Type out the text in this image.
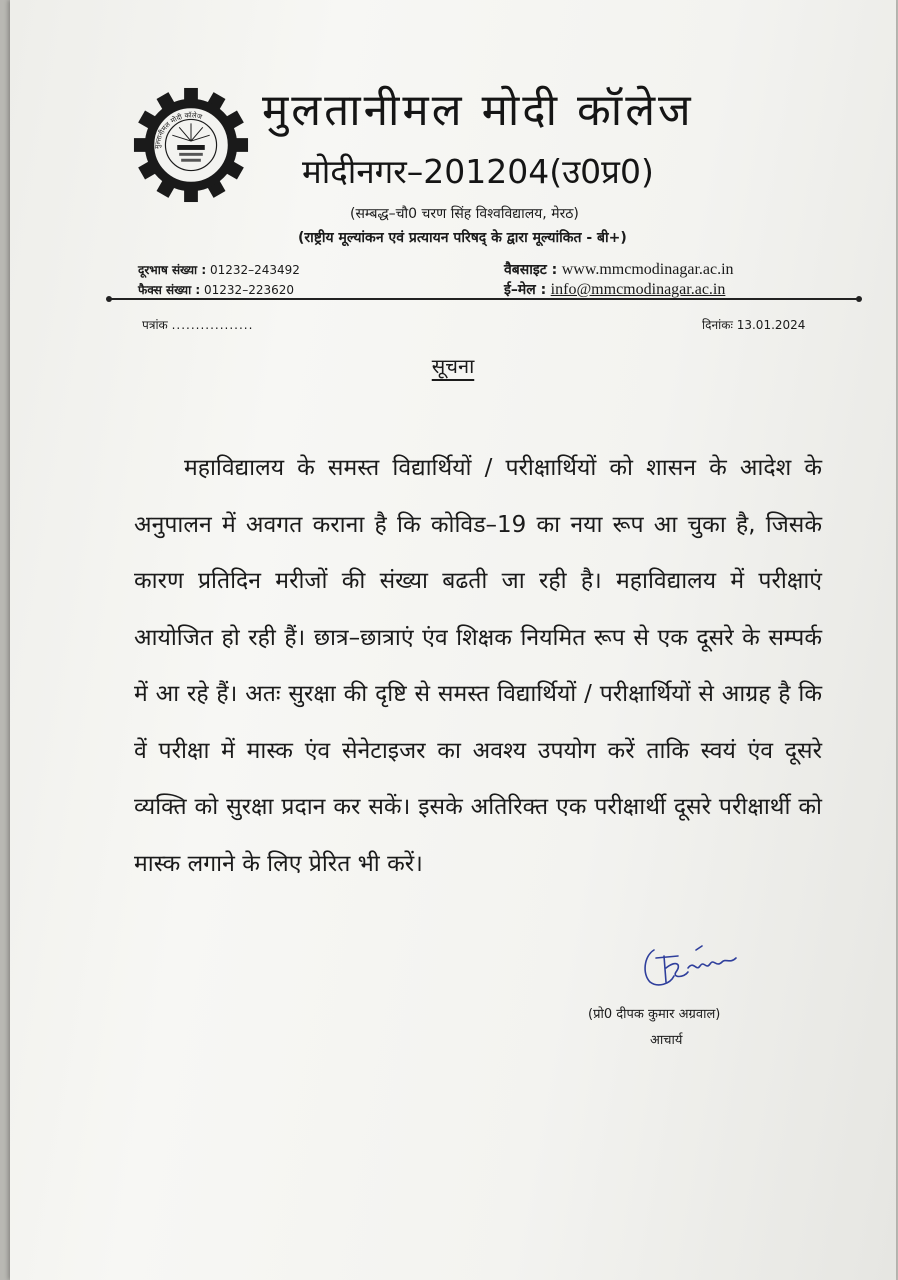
मुल्तानीमल मोदी कॉलेज मुलतानीमल मोदी कॉलेज
मोदीनगर–201204(उ0प्र0)
(सम्बद्ध–चौ0 चरण सिंह विश्वविद्यालय, मेरठ)
(राष्ट्रीय मूल्यांकन एवं प्रत्यायन परिषद् के द्वारा मूल्यांकित - बी+)
दूरभाष संख्या : 01232–243492
फैक्स संख्या : 01232–223620
वैबसाइट : www.mmcmodinagar.ac.in
ई–मेल : info@mmcmodinagar.ac.in
पत्रांक .................	दिनांकः 13.01.2024
सूचना

महाविद्यालय के समस्त विद्यार्थियों / परीक्षार्थियों को शासन के आदेश के अनुपालन में अवगत कराना है कि कोविड–19 का नया रूप आ चुका है, जिसके कारण प्रतिदिन मरीजों की संख्या बढती जा रही है। महाविद्यालय में परीक्षाएं आयोजित हो रही हैं। छात्र–छात्राएं एंव शिक्षक नियमित रूप से एक दूसरे के सम्पर्क में आ रहे हैं। अतः सुरक्षा की दृष्टि से समस्त विद्यार्थियों / परीक्षार्थियों से आग्रह है कि वें परीक्षा में मास्क एंव सेनेटाइजर का अवश्य उपयोग करें ताकि स्वयं एंव दूसरे व्यक्ति को सुरक्षा प्रदान कर सकें। इसके अतिरिक्त एक परीक्षार्थी दूसरे परीक्षार्थी को मास्क लगाने के लिए प्रेरित भी करें।

(प्रो0 दीपक कुमार अग्रवाल)
आचार्य
